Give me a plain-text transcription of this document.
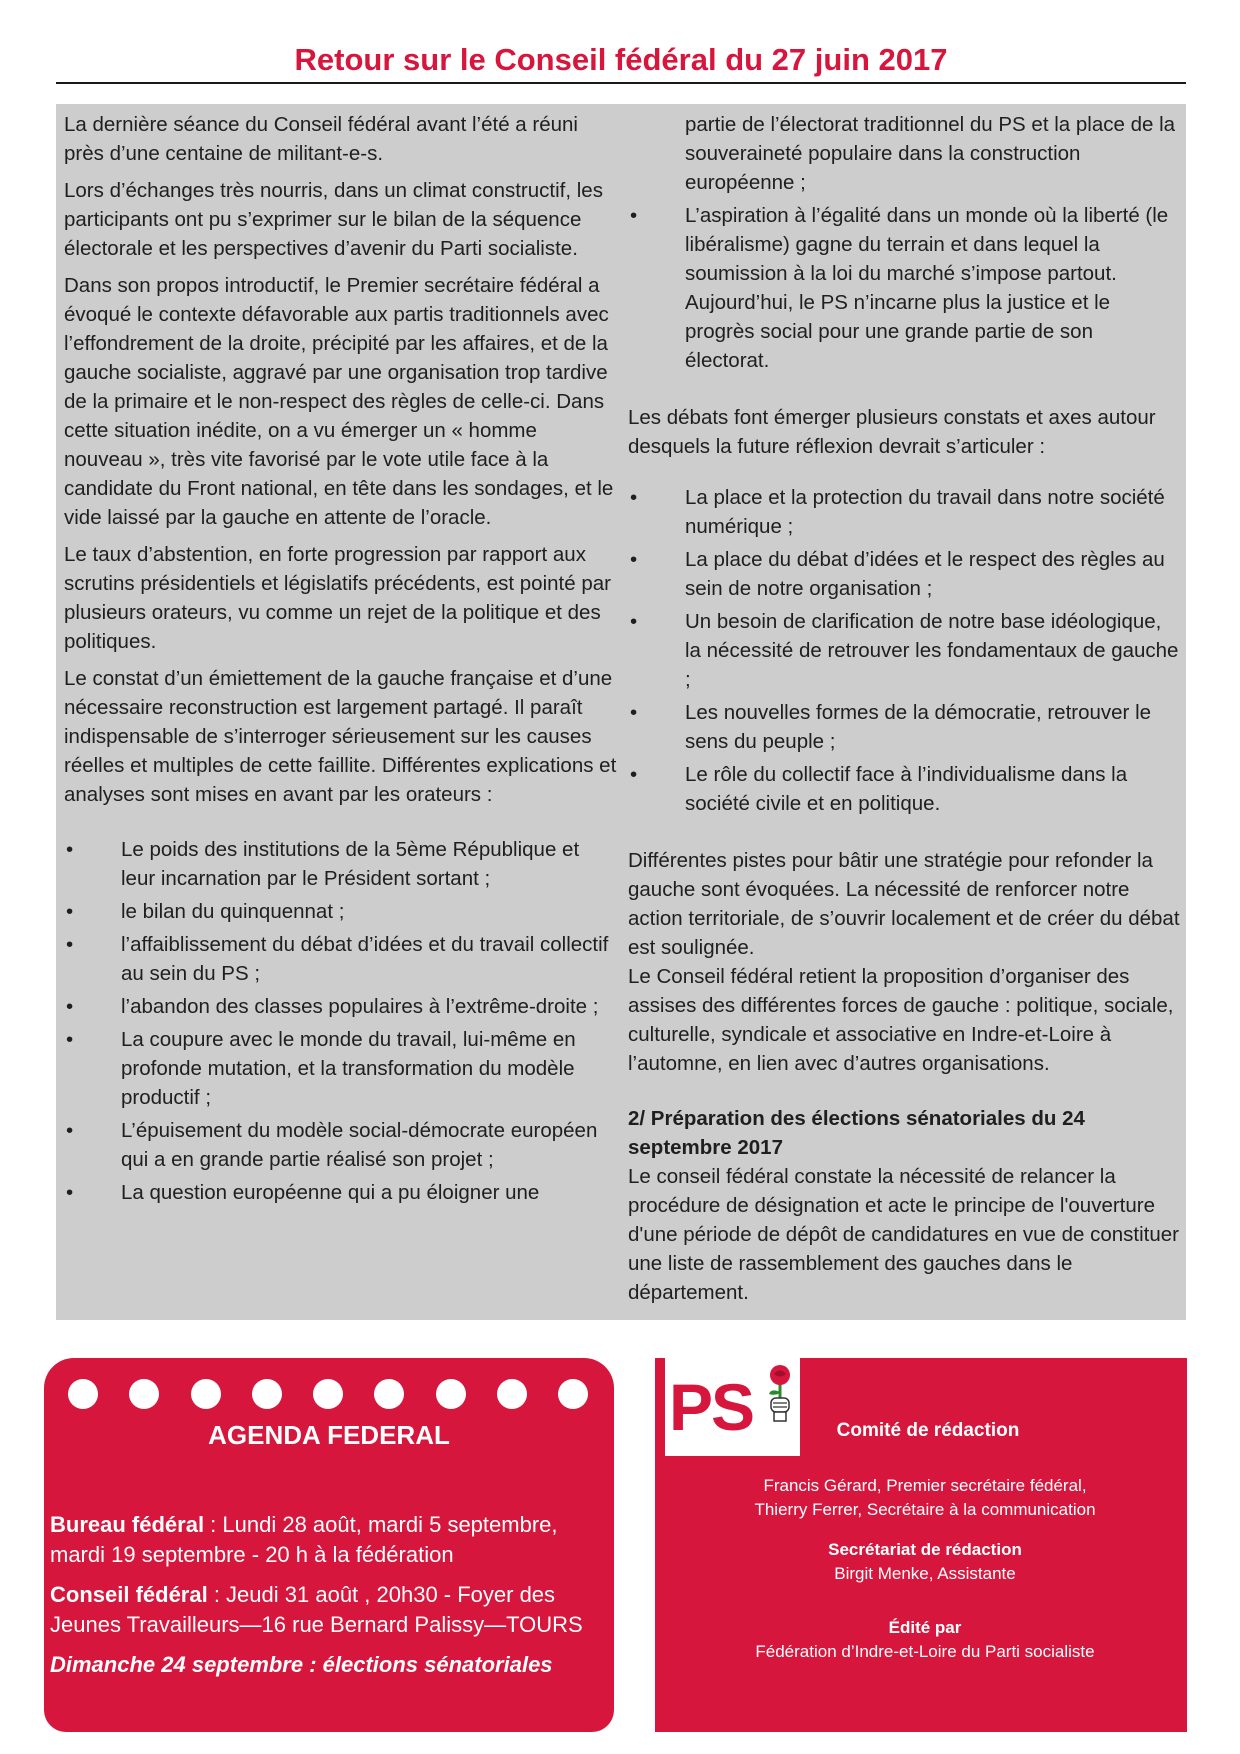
Retour sur le Conseil fédéral du 27 juin 2017

La dernière séance du Conseil fédéral avant l’été a réuni près d’une centaine de militant-e-s.

Lors d’échanges très nourris, dans un climat constructif, les participants ont pu s’exprimer sur le bilan de la séquence électorale et les perspectives d’avenir du Parti socialiste.

Dans son propos introductif, le Premier secrétaire fédéral a évoqué le contexte défavorable aux partis traditionnels avec l’effondrement de la droite, précipité par les affaires, et de la gauche socialiste, aggravé par une organisation trop tardive de la primaire et le non-respect des règles de celle-ci. Dans cette situation inédite, on a vu émerger un « homme nouveau », très vite favorisé par le vote utile face à la candidate du Front national, en tête dans les sondages, et le vide laissé par la gauche en attente de l’oracle.

Le taux d’abstention, en forte progression par rapport aux scrutins présidentiels et législatifs précédents, est pointé par plusieurs orateurs, vu comme un rejet de la politique et des politiques.

Le constat d’un émiettement de la gauche française et d’une nécessaire reconstruction est largement partagé. Il paraît indispensable de s’interroger sérieusement sur les causes réelles et multiples de cette faillite. Différentes explications et analyses sont mises en avant par les orateurs :

• Le poids des institutions de la 5ème République et leur incarnation par le Président sortant ;
• le bilan du quinquennat ;
• l’affaiblissement du débat d’idées et du travail collectif au sein du PS ;
• l’abandon des classes populaires à l’extrême-droite ;
• La coupure avec le monde du travail, lui-même en profonde mutation, et la transformation du modèle productif ;
• L’épuisement du modèle social-démocrate européen qui a en grande partie réalisé son projet ;
• La question européenne qui a pu éloigner une
partie de l’électorat traditionnel du PS et la place de la souveraineté populaire dans la construction européenne ;
• L’aspiration à l’égalité dans un monde où la liberté (le libéralisme) gagne du terrain et dans lequel la soumission à la loi du marché s’impose partout. Aujourd’hui, le PS n’incarne plus la justice et le progrès social pour une grande partie de son électorat.

Les débats font émerger plusieurs constats et axes autour desquels la future réflexion devrait s’articuler :

• La place et la protection du travail dans notre société numérique ;
• La place du débat d’idées et le respect des règles au sein de notre organisation ;
• Un besoin de clarification de notre base idéologique, la nécessité de retrouver les fondamentaux de gauche ;
• Les nouvelles formes de la démocratie, retrouver le sens du peuple ;
• Le rôle du collectif face à l’individualisme dans la société civile et en politique.

Différentes pistes pour bâtir une stratégie pour refonder la gauche sont évoquées. La nécessité de renforcer notre action territoriale, de s’ouvrir localement et de créer du débat est soulignée.

Le Conseil fédéral retient la proposition d’organiser des assises des différentes forces de gauche : politique, sociale, culturelle, syndicale et associative en Indre-et-Loire à l’automne, en lien avec d’autres organisations.

2/ Préparation des élections sénatoriales du 24 septembre 2017

Le conseil fédéral constate la nécessité de relancer la procédure de désignation et acte le principe de l'ouverture d'une période de dépôt de candidatures en vue de constituer une liste de rassemblement des gauches dans le département.

AGENDA FEDERAL

Bureau fédéral : Lundi 28 août, mardi 5 septembre, mardi 19 septembre - 20 h à la fédération

Conseil fédéral : Jeudi 31 août , 20h30 - Foyer des Jeunes Travailleurs—16 rue Bernard Palissy—TOURS

Dimanche 24 septembre : élections sénatoriales

PS	Comité de rédaction
Francis Gérard, Premier secrétaire fédéral,
Thierry Ferrer, Secrétaire à la communication
Secrétariat de rédaction
Birgit Menke, Assistante
Édité par
Fédération d’Indre-et-Loire du Parti socialiste
